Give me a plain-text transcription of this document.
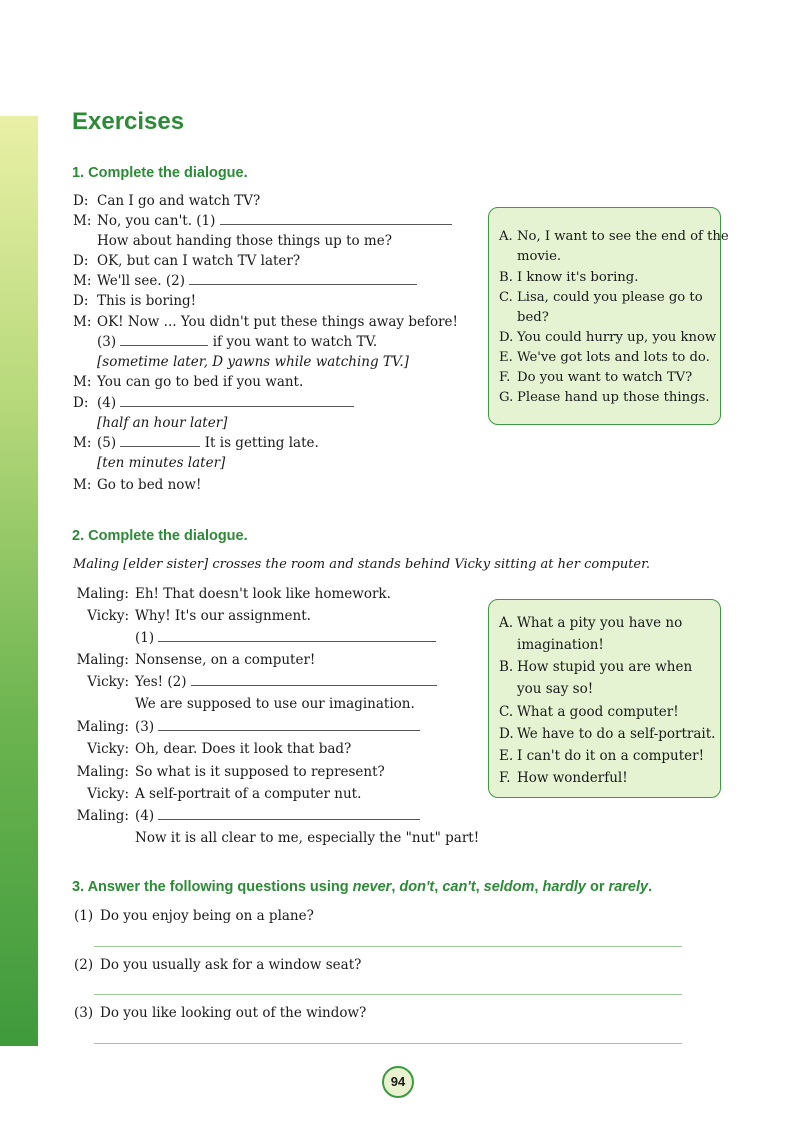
Exercises
1. Complete the dialogue.
D: Can I go and watch TV?
M: No, you can't. (1)
How about handing those things up to me?
D: OK, but can I watch TV later?
M: We'll see. (2)
D: This is boring!
M: OK! Now ... You didn't put these things away before!
(3)	if you want to watch TV.
[sometime later, D yawns while watching TV.]
M: You can go to bed if you want.
D: (4)
[half an hour later]
M: (5)	It is getting late.
[ten minutes later]
M: Go to bed now!
A. No, I want to see the end of the
movie.
B. I know it's boring.
C. Lisa, could you please go to
bed?
D. You could hurry up, you know
E. We've got lots and lots to do.
F. Do you want to watch TV?
G. Please hand up those things.
2. Complete the dialogue.
Maling [elder sister] crosses the room and stands behind Vicky sitting at her computer.
Maling: Eh! That doesn't look like homework.
Vicky: Why! It's our assignment.
(1)
Maling: Nonsense, on a computer!
Vicky: Yes! (2)
We are supposed to use our imagination.
Maling: (3)
Vicky: Oh, dear. Does it look that bad?
Maling: So what is it supposed to represent?
Vicky: A self-portrait of a computer nut.
Maling: (4)
Now it is all clear to me, especially the "nut" part!
A. What a pity you have no
imagination!
B. How stupid you are when
you say so!
C. What a good computer!
D. We have to do a self-portrait.
E. I can't do it on a computer!
F. How wonderful!
3. Answer the following questions using never, don't, can't, seldom, hardly or rarely.
(1) Do you enjoy being on a plane?
(2) Do you usually ask for a window seat?
(3) Do you like looking out of the window?
94
